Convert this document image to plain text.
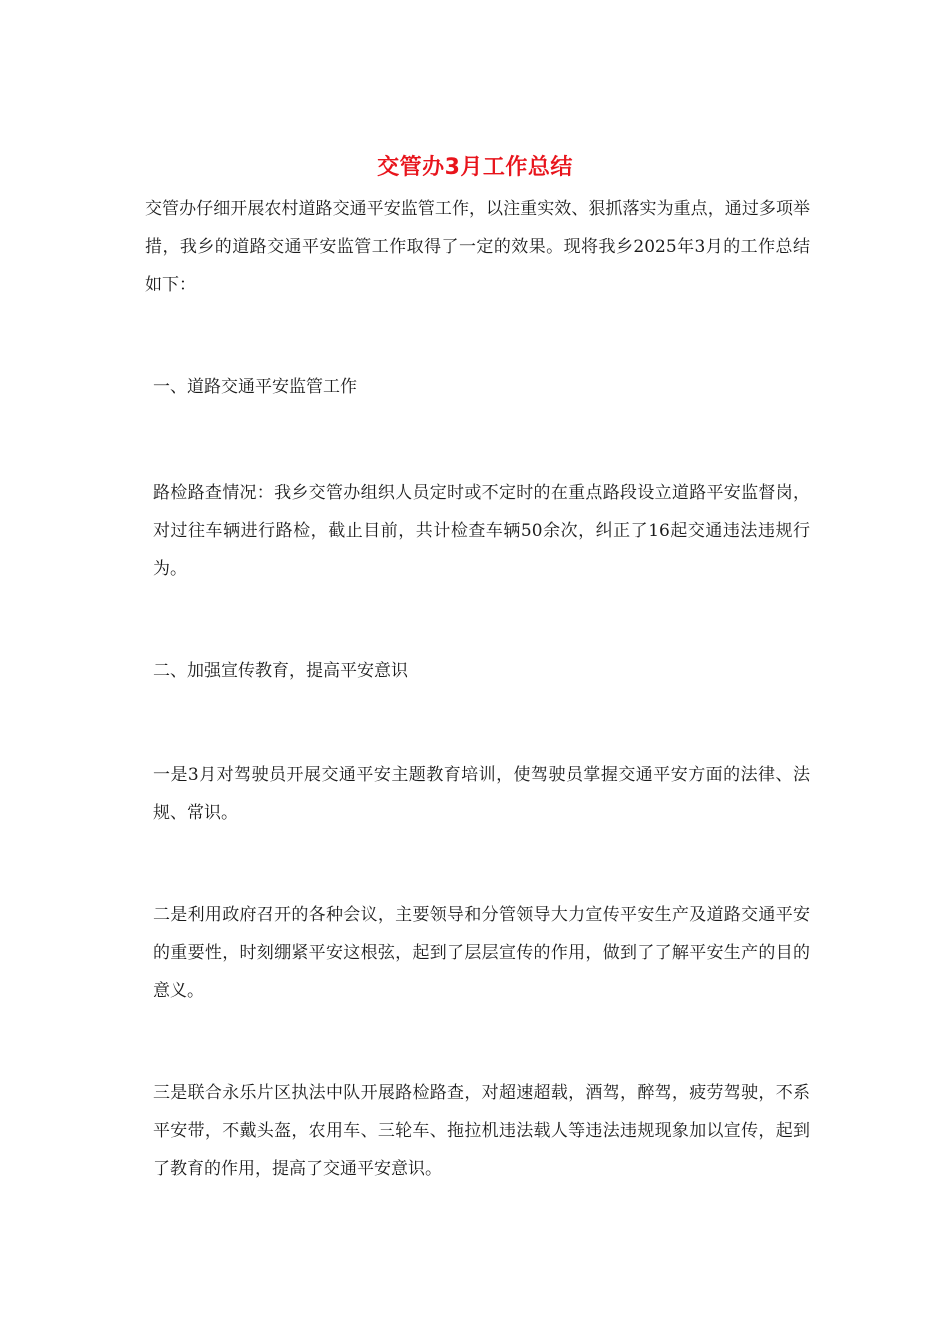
交管办3月工作总结

交管办仔细开展农村道路交通平安监管工作，以注重实效、狠抓落实为重点，通过多项举措，我乡的道路交通平安监管工作取得了一定的效果。现将我乡2025年3月的工作总结如下：

一、道路交通平安监管工作

路检路查情况：我乡交管办组织人员定时或不定时的在重点路段设立道路平安监督岗，对过往车辆进行路检，截止目前，共计检查车辆50余次，纠正了16起交通违法违规行为。

二、加强宣传教育，提高平安意识

一是3月对驾驶员开展交通平安主题教育培训，使驾驶员掌握交通平安方面的法律、法规、常识。

二是利用政府召开的各种会议，主要领导和分管领导大力宣传平安生产及道路交通平安的重要性，时刻绷紧平安这根弦，起到了层层宣传的作用，做到了了解平安生产的目的意义。

三是联合永乐片区执法中队开展路检路查，对超速超载，酒驾，醉驾，疲劳驾驶，不系平安带，不戴头盔，农用车、三轮车、拖拉机违法载人等违法违规现象加以宣传，起到了教育的作用，提高了交通平安意识。
